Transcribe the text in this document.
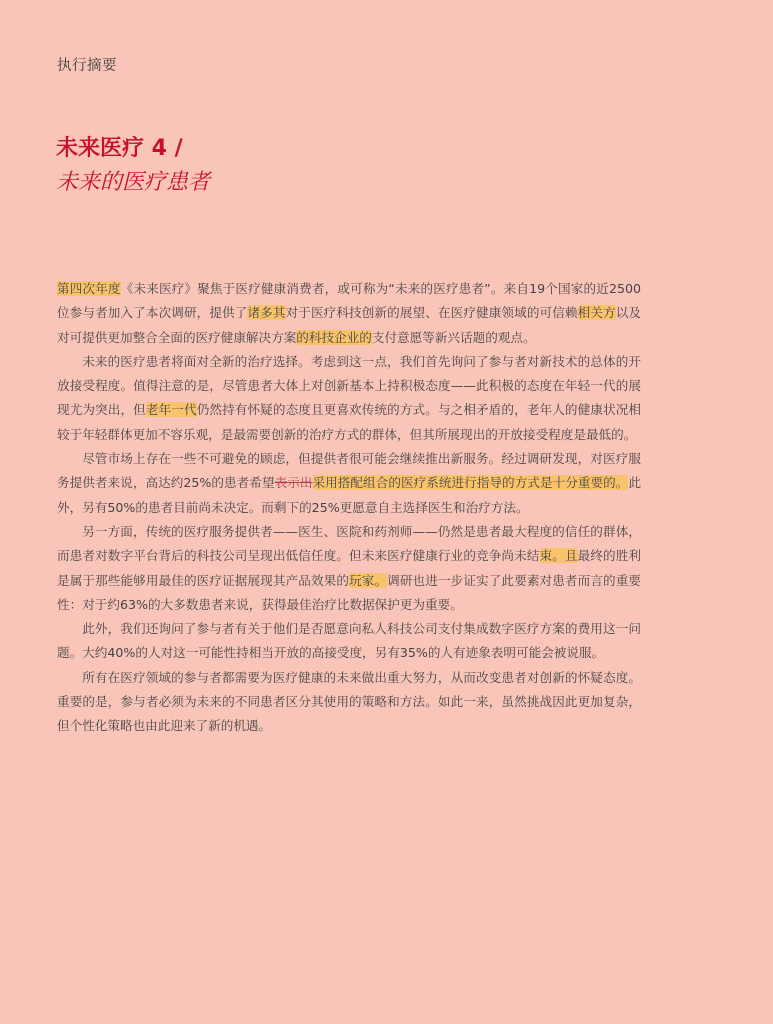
执行摘要
未来医疗 4 /
未来的医疗患者

第四次年度《未来医疗》聚焦于医疗健康消费者，或可称为“未来的医疗患者”。来自19个国家的近2500位参与者加入了本次调研，提供了诸多其对于医疗科技创新的展望、在医疗健康领域的可信赖相关方以及对可提供更加整合全面的医疗健康解决方案的科技企业的支付意愿等新兴话题的观点。

未来的医疗患者将面对全新的治疗选择。考虑到这一点，我们首先询问了参与者对新技术的总体的开放接受程度。值得注意的是，尽管患者大体上对创新基本上持积极态度——此积极的态度在年轻一代的展现尤为突出，但老年一代仍然持有怀疑的态度且更喜欢传统的方式。与之相矛盾的，老年人的健康状况相较于年轻群体更加不容乐观，是最需要创新的治疗方式的群体，但其所展现出的开放接受程度是最低的。

尽管市场上存在一些不可避免的顾虑，但提供者很可能会继续推出新服务。经过调研发现，对医疗服务提供者来说，高达约25%的患者希望表示出采用搭配组合的医疗系统进行指导的方式是十分重要的。此外，另有50%的患者目前尚未决定。而剩下的25%更愿意自主选择医生和治疗方法。

另一方面，传统的医疗服务提供者——医生、医院和药剂师——仍然是患者最大程度的信任的群体，而患者对数字平台背后的科技公司呈现出低信任度。但未来医疗健康行业的竞争尚未结束。且最终的胜利是属于那些能够用最佳的医疗证据展现其产品效果的玩家。调研也进一步证实了此要素对患者而言的重要性：对于约63%的大多数患者来说，获得最佳治疗比数据保护更为重要。

此外，我们还询问了参与者有关于他们是否愿意向私人科技公司支付集成数字医疗方案的费用这一问题。大约40%的人对这一可能性持相当开放的高接受度，另有35%的人有迹象表明可能会被说服。

所有在医疗领域的参与者都需要为医疗健康的未来做出重大努力，从而改变患者对创新的怀疑态度。重要的是，参与者必须为未来的不同患者区分其使用的策略和方法。如此一来，虽然挑战因此更加复杂，但个性化策略也由此迎来了新的机遇。
